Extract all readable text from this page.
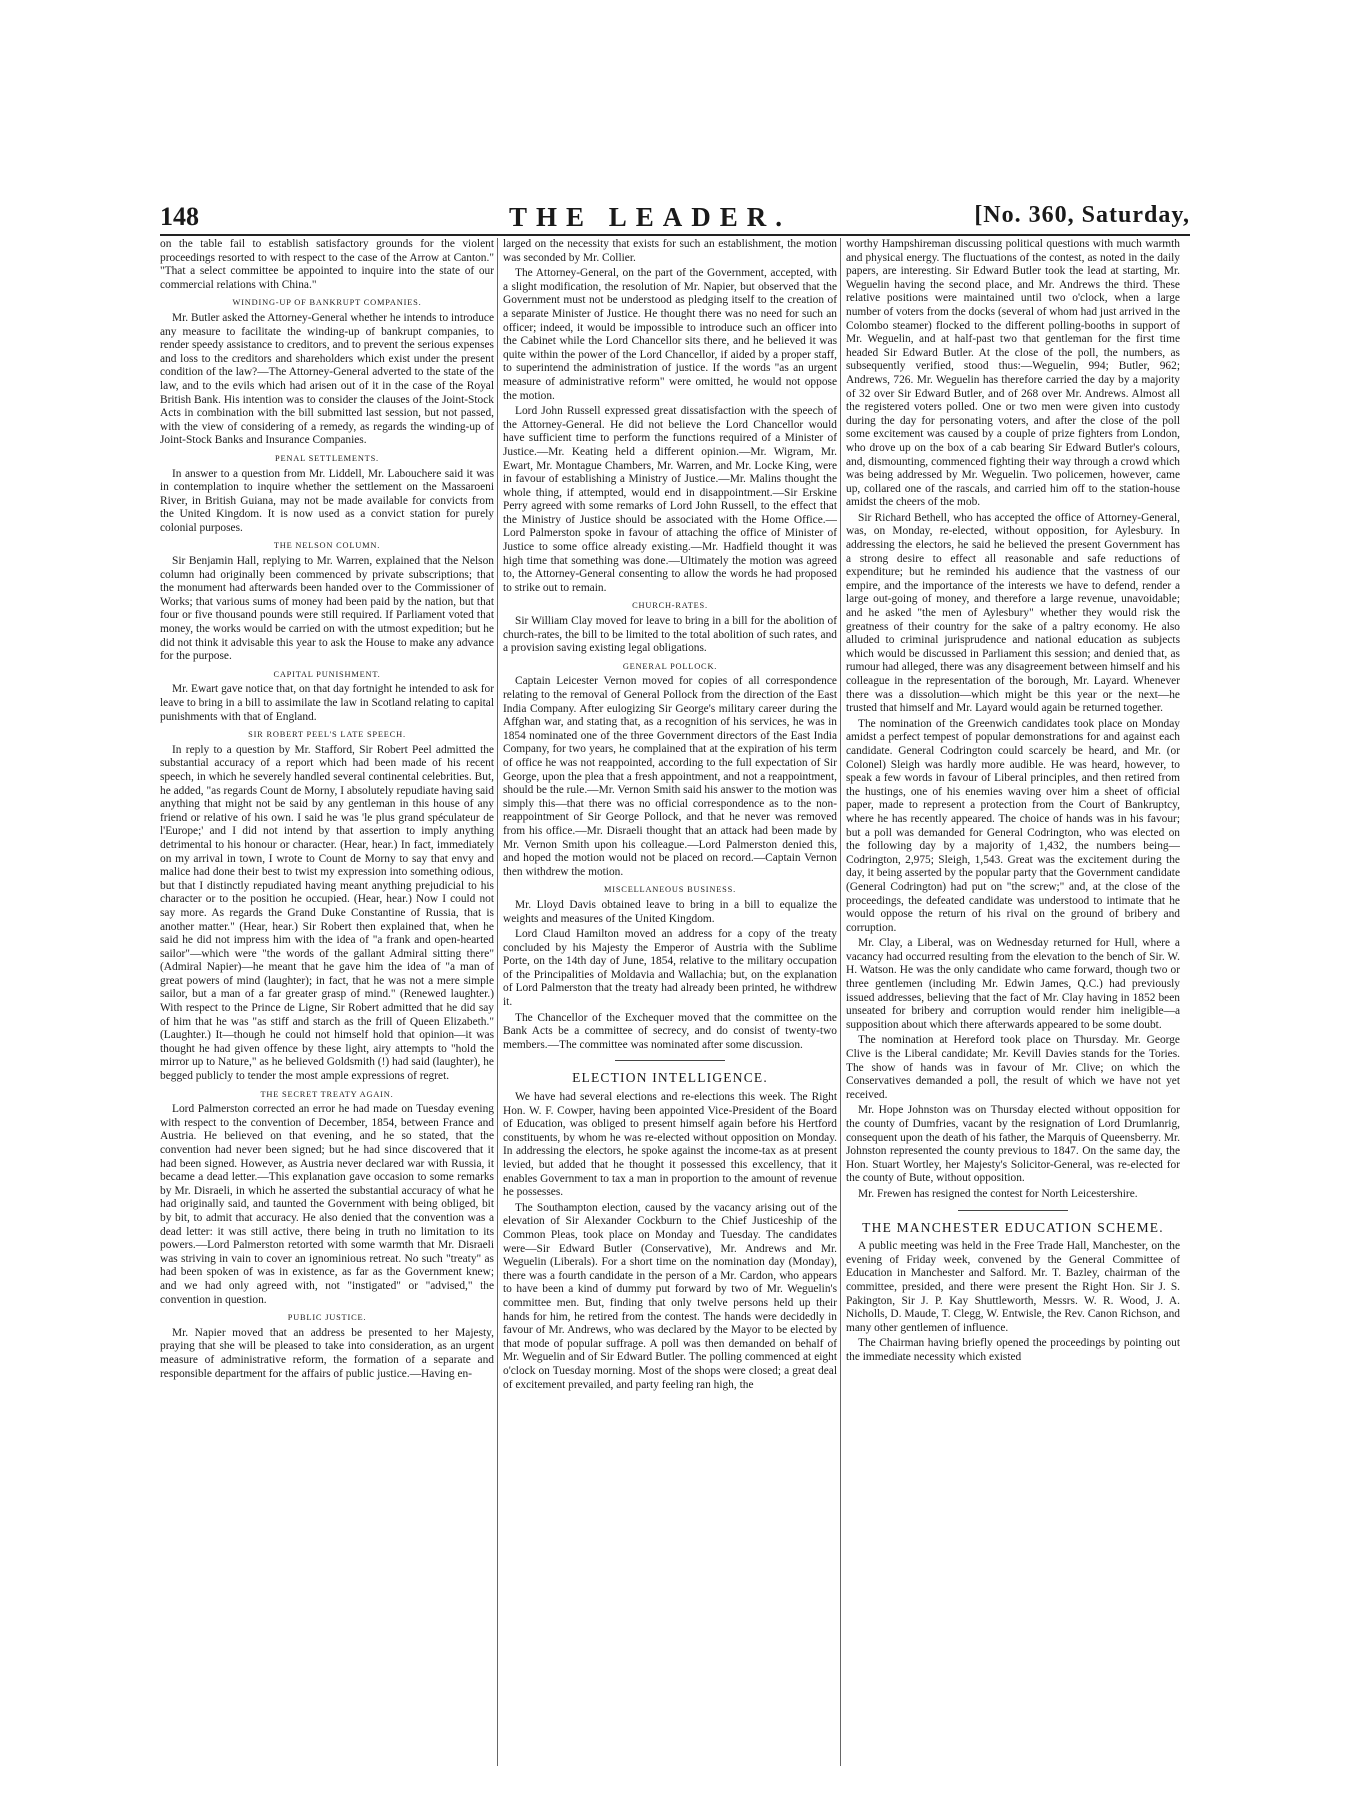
148	THE LEADER.	[No. 360, Saturday,

on the table fail to establish satisfactory grounds for the violent proceedings resorted to with respect to the case of the Arrow at Canton." "That a select committee be appointed to inquire into the state of our commercial relations with China."

WINDING-UP OF BANKRUPT COMPANIES.

Mr. Butler asked the Attorney-General whether he intends to introduce any measure to facilitate the winding-up of bankrupt companies, to render speedy assistance to creditors, and to prevent the serious expenses and loss to the creditors and shareholders which exist under the present condition of the law?—The Attorney-General adverted to the state of the law, and to the evils which had arisen out of it in the case of the Royal British Bank. His intention was to consider the clauses of the Joint-Stock Acts in combination with the bill submitted last session, but not passed, with the view of considering of a remedy, as regards the winding-up of Joint-Stock Banks and Insurance Companies.

PENAL SETTLEMENTS.

In answer to a question from Mr. Liddell, Mr. Labouchere said it was in contemplation to inquire whether the settlement on the Massaroeni River, in British Guiana, may not be made available for convicts from the United Kingdom. It is now used as a convict station for purely colonial purposes.

THE NELSON COLUMN.

Sir Benjamin Hall, replying to Mr. Warren, explained that the Nelson column had originally been commenced by private subscriptions; that the monument had afterwards been handed over to the Commissioner of Works; that various sums of money had been paid by the nation, but that four or five thousand pounds were still required. If Parliament voted that money, the works would be carried on with the utmost expedition; but he did not think it advisable this year to ask the House to make any advance for the purpose.

CAPITAL PUNISHMENT.

Mr. Ewart gave notice that, on that day fortnight he intended to ask for leave to bring in a bill to assimilate the law in Scotland relating to capital punishments with that of England.

SIR ROBERT PEEL'S LATE SPEECH.

In reply to a question by Mr. Stafford, Sir Robert Peel admitted the substantial accuracy of a report which had been made of his recent speech, in which he severely handled several continental celebrities. But, he added, "as regards Count de Morny, I absolutely repudiate having said anything that might not be said by any gentleman in this house of any friend or relative of his own. I said he was 'le plus grand spéculateur de l'Europe;' and I did not intend by that assertion to imply anything detrimental to his honour or character. (Hear, hear.) In fact, immediately on my arrival in town, I wrote to Count de Morny to say that envy and malice had done their best to twist my expression into something odious, but that I distinctly repudiated having meant anything prejudicial to his character or to the position he occupied. (Hear, hear.) Now I could not say more. As regards the Grand Duke Constantine of Russia, that is another matter." (Hear, hear.) Sir Robert then explained that, when he said he did not impress him with the idea of "a frank and open-hearted sailor"—which were "the words of the gallant Admiral sitting there" (Admiral Napier)—he meant that he gave him the idea of "a man of great powers of mind (laughter); in fact, that he was not a mere simple sailor, but a man of a far greater grasp of mind." (Renewed laughter.) With respect to the Prince de Ligne, Sir Robert admitted that he did say of him that he was "as stiff and starch as the frill of Queen Elizabeth." (Laughter.) It—though he could not himself hold that opinion—it was thought he had given offence by these light, airy attempts to "hold the mirror up to Nature," as he believed Goldsmith (!) had said (laughter), he begged publicly to tender the most ample expressions of regret.

THE SECRET TREATY AGAIN.

Lord Palmerston corrected an error he had made on Tuesday evening with respect to the convention of December, 1854, between France and Austria. He believed on that evening, and he so stated, that the convention had never been signed; but he had since discovered that it had been signed. However, as Austria never declared war with Russia, it became a dead letter.—This explanation gave occasion to some remarks by Mr. Disraeli, in which he asserted the substantial accuracy of what he had originally said, and taunted the Government with being obliged, bit by bit, to admit that accuracy. He also denied that the convention was a dead letter: it was still active, there being in truth no limitation to its powers.—Lord Palmerston retorted with some warmth that Mr. Disraeli was striving in vain to cover an ignominious retreat. No such "treaty" as had been spoken of was in existence, as far as the Government knew; and we had only agreed with, not "instigated" or "advised," the convention in question.

PUBLIC JUSTICE.

Mr. Napier moved that an address be presented to her Majesty, praying that she will be pleased to take into consideration, as an urgent measure of administrative reform, the formation of a separate and responsible department for the affairs of public justice.—Having en-

larged on the necessity that exists for such an establishment, the motion was seconded by Mr. Collier.

The Attorney-General, on the part of the Government, accepted, with a slight modification, the resolution of Mr. Napier, but observed that the Government must not be understood as pledging itself to the creation of a separate Minister of Justice. He thought there was no need for such an officer; indeed, it would be impossible to introduce such an officer into the Cabinet while the Lord Chancellor sits there, and he believed it was quite within the power of the Lord Chancellor, if aided by a proper staff, to superintend the administration of justice. If the words "as an urgent measure of administrative reform" were omitted, he would not oppose the motion.

Lord John Russell expressed great dissatisfaction with the speech of the Attorney-General. He did not believe the Lord Chancellor would have sufficient time to perform the functions required of a Minister of Justice.—Mr. Keating held a different opinion.—Mr. Wigram, Mr. Ewart, Mr. Montague Chambers, Mr. Warren, and Mr. Locke King, were in favour of establishing a Ministry of Justice.—Mr. Malins thought the whole thing, if attempted, would end in disappointment.—Sir Erskine Perry agreed with some remarks of Lord John Russell, to the effect that the Ministry of Justice should be associated with the Home Office.—Lord Palmerston spoke in favour of attaching the office of Minister of Justice to some office already existing.—Mr. Hadfield thought it was high time that something was done.—Ultimately the motion was agreed to, the Attorney-General consenting to allow the words he had proposed to strike out to remain.

CHURCH-RATES.

Sir William Clay moved for leave to bring in a bill for the abolition of church-rates, the bill to be limited to the total abolition of such rates, and a provision saving existing legal obligations.

GENERAL POLLOCK.

Captain Leicester Vernon moved for copies of all correspondence relating to the removal of General Pollock from the direction of the East India Company. After eulogizing Sir George's military career during the Affghan war, and stating that, as a recognition of his services, he was in 1854 nominated one of the three Government directors of the East India Company, for two years, he complained that at the expiration of his term of office he was not reappointed, according to the full expectation of Sir George, upon the plea that a fresh appointment, and not a reappointment, should be the rule.—Mr. Vernon Smith said his answer to the motion was simply this—that there was no official correspondence as to the non-reappointment of Sir George Pollock, and that he never was removed from his office.—Mr. Disraeli thought that an attack had been made by Mr. Vernon Smith upon his colleague.—Lord Palmerston denied this, and hoped the motion would not be placed on record.—Captain Vernon then withdrew the motion.

MISCELLANEOUS BUSINESS.

Mr. Lloyd Davis obtained leave to bring in a bill to equalize the weights and measures of the United Kingdom.

Lord Claud Hamilton moved an address for a copy of the treaty concluded by his Majesty the Emperor of Austria with the Sublime Porte, on the 14th day of June, 1854, relative to the military occupation of the Principalities of Moldavia and Wallachia; but, on the explanation of Lord Palmerston that the treaty had already been printed, he withdrew it.

The Chancellor of the Exchequer moved that the committee on the Bank Acts be a committee of secrecy, and do consist of twenty-two members.—The committee was nominated after some discussion.

ELECTION INTELLIGENCE.

We have had several elections and re-elections this week. The Right Hon. W. F. Cowper, having been appointed Vice-President of the Board of Education, was obliged to present himself again before his Hertford constituents, by whom he was re-elected without opposition on Monday. In addressing the electors, he spoke against the income-tax as at present levied, but added that he thought it possessed this excellency, that it enables Government to tax a man in proportion to the amount of revenue he possesses.

The Southampton election, caused by the vacancy arising out of the elevation of Sir Alexander Cockburn to the Chief Justiceship of the Common Pleas, took place on Monday and Tuesday. The candidates were—Sir Edward Butler (Conservative), Mr. Andrews and Mr. Weguelin (Liberals). For a short time on the nomination day (Monday), there was a fourth candidate in the person of a Mr. Cardon, who appears to have been a kind of dummy put forward by two of Mr. Weguelin's committee men. But, finding that only twelve persons held up their hands for him, he retired from the contest. The hands were decidedly in favour of Mr. Andrews, who was declared by the Mayor to be elected by that mode of popular suffrage. A poll was then demanded on behalf of Mr. Weguelin and of Sir Edward Butler. The polling commenced at eight o'clock on Tuesday morning. Most of the shops were closed; a great deal of excitement prevailed, and party feeling ran high, the

worthy Hampshireman discussing political questions with much warmth and physical energy. The fluctuations of the contest, as noted in the daily papers, are interesting. Sir Edward Butler took the lead at starting, Mr. Weguelin having the second place, and Mr. Andrews the third. These relative positions were maintained until two o'clock, when a large number of voters from the docks (several of whom had just arrived in the Colombo steamer) flocked to the different polling-booths in support of Mr. Weguelin, and at half-past two that gentleman for the first time headed Sir Edward Butler. At the close of the poll, the numbers, as subsequently verified, stood thus:—Weguelin, 994; Butler, 962; Andrews, 726. Mr. Weguelin has therefore carried the day by a majority of 32 over Sir Edward Butler, and of 268 over Mr. Andrews. Almost all the registered voters polled. One or two men were given into custody during the day for personating voters, and after the close of the poll some excitement was caused by a couple of prize fighters from London, who drove up on the box of a cab bearing Sir Edward Butler's colours, and, dismounting, commenced fighting their way through a crowd which was being addressed by Mr. Weguelin. Two policemen, however, came up, collared one of the rascals, and carried him off to the station-house amidst the cheers of the mob.

Sir Richard Bethell, who has accepted the office of Attorney-General, was, on Monday, re-elected, without opposition, for Aylesbury. In addressing the electors, he said he believed the present Government has a strong desire to effect all reasonable and safe reductions of expenditure; but he reminded his audience that the vastness of our empire, and the importance of the interests we have to defend, render a large out-going of money, and therefore a large revenue, unavoidable; and he asked "the men of Aylesbury" whether they would risk the greatness of their country for the sake of a paltry economy. He also alluded to criminal jurisprudence and national education as subjects which would be discussed in Parliament this session; and denied that, as rumour had alleged, there was any disagreement between himself and his colleague in the representation of the borough, Mr. Layard. Whenever there was a dissolution—which might be this year or the next—he trusted that himself and Mr. Layard would again be returned together.

The nomination of the Greenwich candidates took place on Monday amidst a perfect tempest of popular demonstrations for and against each candidate. General Codrington could scarcely be heard, and Mr. (or Colonel) Sleigh was hardly more audible. He was heard, however, to speak a few words in favour of Liberal principles, and then retired from the hustings, one of his enemies waving over him a sheet of official paper, made to represent a protection from the Court of Bankruptcy, where he has recently appeared. The choice of hands was in his favour; but a poll was demanded for General Codrington, who was elected on the following day by a majority of 1,432, the numbers being—Codrington, 2,975; Sleigh, 1,543. Great was the excitement during the day, it being asserted by the popular party that the Government candidate (General Codrington) had put on "the screw;" and, at the close of the proceedings, the defeated candidate was understood to intimate that he would oppose the return of his rival on the ground of bribery and corruption.

Mr. Clay, a Liberal, was on Wednesday returned for Hull, where a vacancy had occurred resulting from the elevation to the bench of Sir. W. H. Watson. He was the only candidate who came forward, though two or three gentlemen (including Mr. Edwin James, Q.C.) had previously issued addresses, believing that the fact of Mr. Clay having in 1852 been unseated for bribery and corruption would render him ineligible—a supposition about which there afterwards appeared to be some doubt.

The nomination at Hereford took place on Thursday. Mr. George Clive is the Liberal candidate; Mr. Kevill Davies stands for the Tories. The show of hands was in favour of Mr. Clive; on which the Conservatives demanded a poll, the result of which we have not yet received.

Mr. Hope Johnston was on Thursday elected without opposition for the county of Dumfries, vacant by the resignation of Lord Drumlanrig, consequent upon the death of his father, the Marquis of Queensberry. Mr. Johnston represented the county previous to 1847. On the same day, the Hon. Stuart Wortley, her Majesty's Solicitor-General, was re-elected for the county of Bute, without opposition.

Mr. Frewen has resigned the contest for North Leicestershire.

THE MANCHESTER EDUCATION SCHEME.

A public meeting was held in the Free Trade Hall, Manchester, on the evening of Friday week, convened by the General Committee of Education in Manchester and Salford. Mr. T. Bazley, chairman of the committee, presided, and there were present the Right Hon. Sir J. S. Pakington, Sir J. P. Kay Shuttleworth, Messrs. W. R. Wood, J. A. Nicholls, D. Maude, T. Clegg, W. Entwisle, the Rev. Canon Richson, and many other gentlemen of influence.

The Chairman having briefly opened the proceedings by pointing out the immediate necessity which existed
